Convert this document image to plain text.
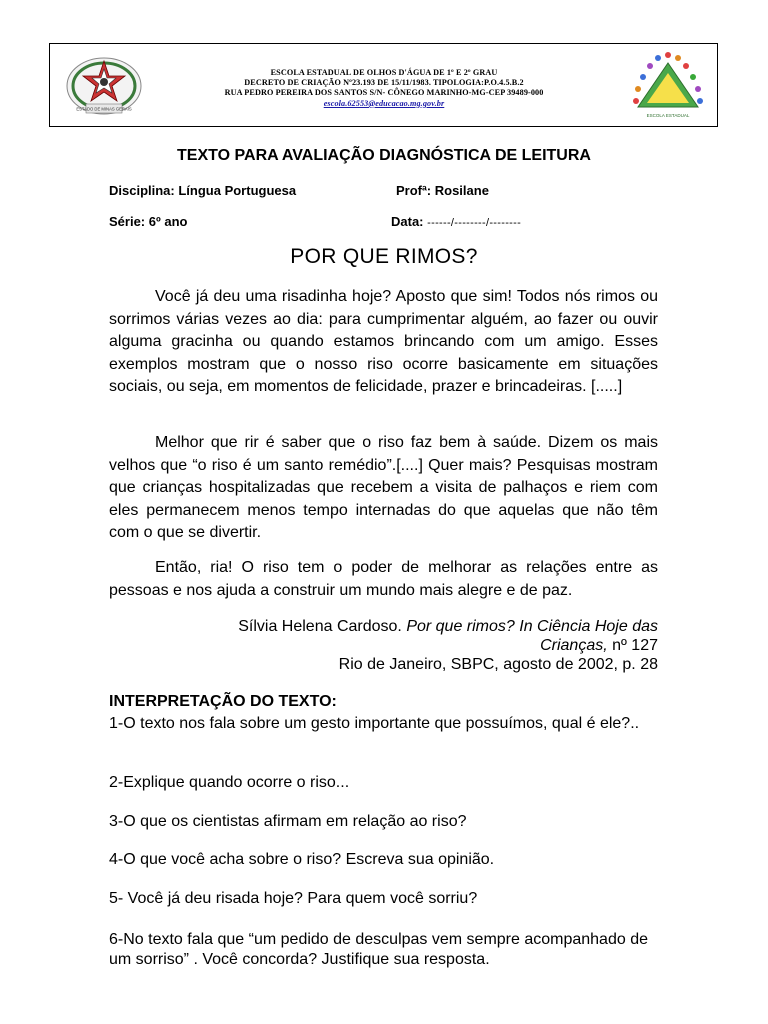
ESTADO DE MINAS GERAIS
ESCOLA ESTADUAL DE OLHOS D'ÁGUA DE 1º E 2º GRAU
DECRETO DE CRIAÇÃO Nº23.193 DE 15/11/1983. TIPOLOGIA:P.O.4.5.B.2
RUA PEDRO PEREIRA DOS SANTOS S/N- CÔNEGO MARINHO-MG-CEP 39489-000
escola.62553@educacao.mg.gov.br
ESCOLA ESTADUAL
TEXTO PARA AVALIAÇÃO DIAGNÓSTICA DE LEITURA
Disciplina: Língua Portuguesa	Profª: Rosilane
Série: 6º ano	Data: ------/--------/--------
POR QUE RIMOS?

Você já deu uma risadinha hoje? Aposto que sim! Todos nós rimos ou sorrimos várias vezes ao dia: para cumprimentar alguém, ao fazer ou ouvir alguma gracinha ou quando estamos brincando com um amigo. Esses exemplos mostram que o nosso riso ocorre basicamente em situações sociais, ou seja, em momentos de felicidade, prazer e brincadeiras. [.....]

Melhor que rir é saber que o riso faz bem à saúde. Dizem os mais velhos que “o riso é um santo remédio”.[....] Quer mais? Pesquisas mostram que crianças hospitalizadas que recebem a visita de palhaços e riem com eles permanecem menos tempo internadas do que aquelas que não têm com o que se divertir.

Então, ria! O riso tem o poder de melhorar as relações entre as pessoas e nos ajuda a construir um mundo mais alegre e de paz.

Sílvia Helena Cardoso. Por que rimos? In Ciência Hoje das
Crianças, nº 127
Rio de Janeiro, SBPC, agosto de 2002, p. 28
INTERPRETAÇÃO DO TEXTO:

1-O texto nos fala sobre um gesto importante que possuímos, qual é ele?..

2-Explique quando ocorre o riso...

3-O que os cientistas afirmam em relação ao riso?

4-O que você acha sobre o riso? Escreva sua opinião.

5- Você já deu risada hoje? Para quem você sorriu?

6-No texto fala que “um pedido de desculpas vem sempre acompanhado de um sorriso” . Você concorda? Justifique sua resposta.
